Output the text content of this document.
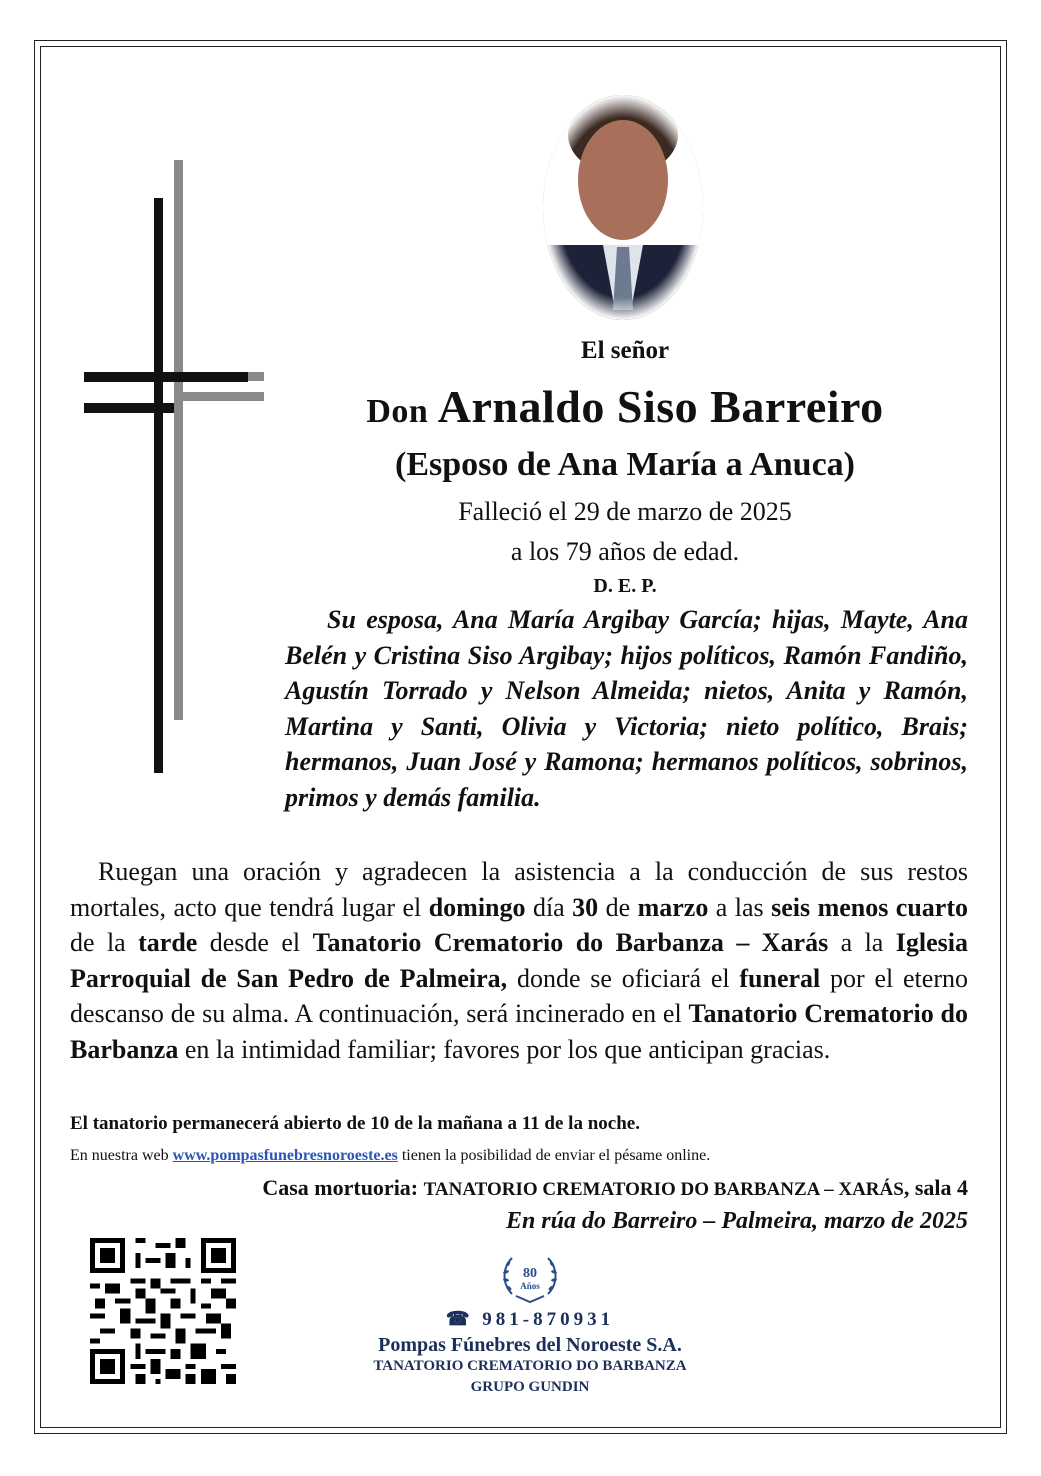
El señor
Don Arnaldo Siso Barreiro
(Esposo de Ana María a Anuca)
Falleció el 29 de marzo de 2025
a los 79 años de edad.
D. E. P.
Su esposa, Ana María Argibay García; hijas, Mayte, Ana Belén y Cristina Siso Argibay; hijos políticos, Ramón Fandiño, Agustín Torrado y Nelson Almeida; nietos, Anita y Ramón, Martina y Santi, Olivia y Victoria; nieto político, Brais; hermanos, Juan José y Ramona; hermanos políticos, sobrinos, primos y demás familia.
Ruegan una oración y agradecen la asistencia a la conducción de sus restos mortales, acto que tendrá lugar el domingo día 30 de marzo a las seis menos cuarto de la tarde desde el Tanatorio Crematorio do Barbanza – Xarás a la Iglesia Parroquial de San Pedro de Palmeira, donde se oficiará el funeral por el eterno descanso de su alma. A continuación, será incinerado en el Tanatorio Crematorio do Barbanza en la intimidad familiar; favores por los que anticipan gracias.
El tanatorio permanecerá abierto de 10 de la mañana a 11 de la noche.
En nuestra web www.pompasfunebresnoroeste.es tienen la posibilidad de enviar el pésame online.
Casa mortuoria: TANATORIO CREMATORIO DO BARBANZA – XARÁS, sala 4
En rúa do Barreiro – Palmeira, marzo de 2025
80
Años
☎ 981-870931
Pompas Fúnebres del Noroeste S.A.
TANATORIO CREMATORIO DO BARBANZA
GRUPO GUNDIN
